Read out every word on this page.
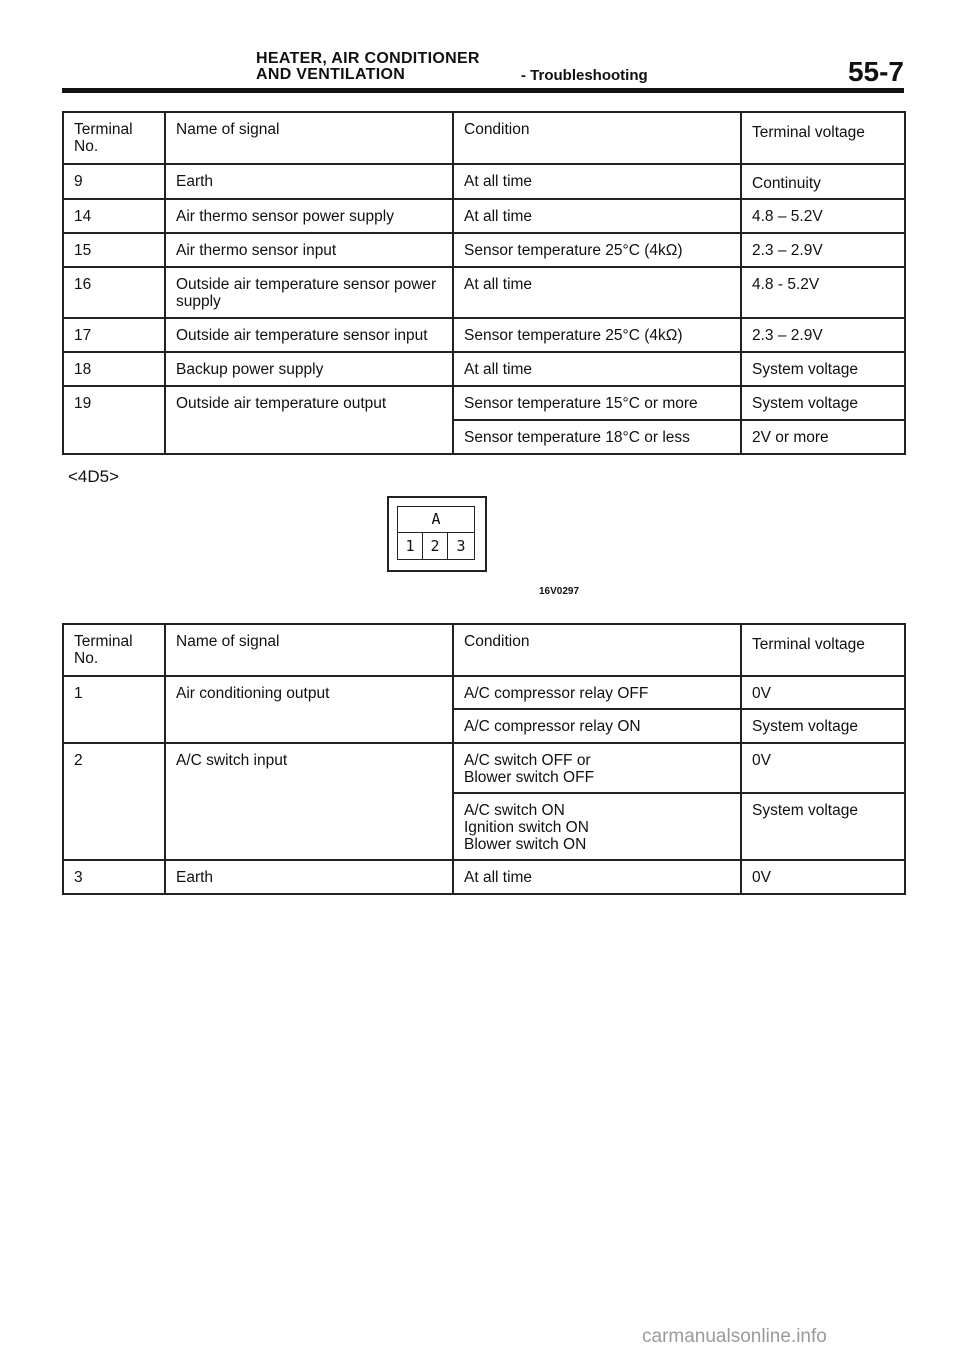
HEATER, AIR CONDITIONER
AND VENTILATION	- Troubleshooting	55-7
Terminal
No.	Name of signal	Condition	Terminal voltage
9	Earth	At all time	Continuity
14	Air thermo sensor power supply	At all time	4.8 – 5.2V
15	Air thermo sensor input	Sensor temperature 25°C (4kΩ)	2.3 – 2.9V
16	Outside air temperature sensor power supply	At all time	4.8 - 5.2V
17	Outside air temperature sensor input	Sensor temperature 25°C (4kΩ)	2.3 – 2.9V
18	Backup power supply	At all time	System voltage
19	Outside air temperature output	Sensor temperature 15°C or more	System voltage
		Sensor temperature 18°C or less	2V or more
<4D5>
A
1	2	3
16V0297
Terminal
No.	Name of signal	Condition	Terminal voltage
1	Air conditioning output	A/C compressor relay OFF	0V
		A/C compressor relay ON	System voltage
2	A/C switch input	A/C switch OFF or
Blower switch OFF	0V
		A/C switch ON
Ignition switch ON
Blower switch ON	System voltage
3	Earth	At all time	0V
carmanualsonline.info
